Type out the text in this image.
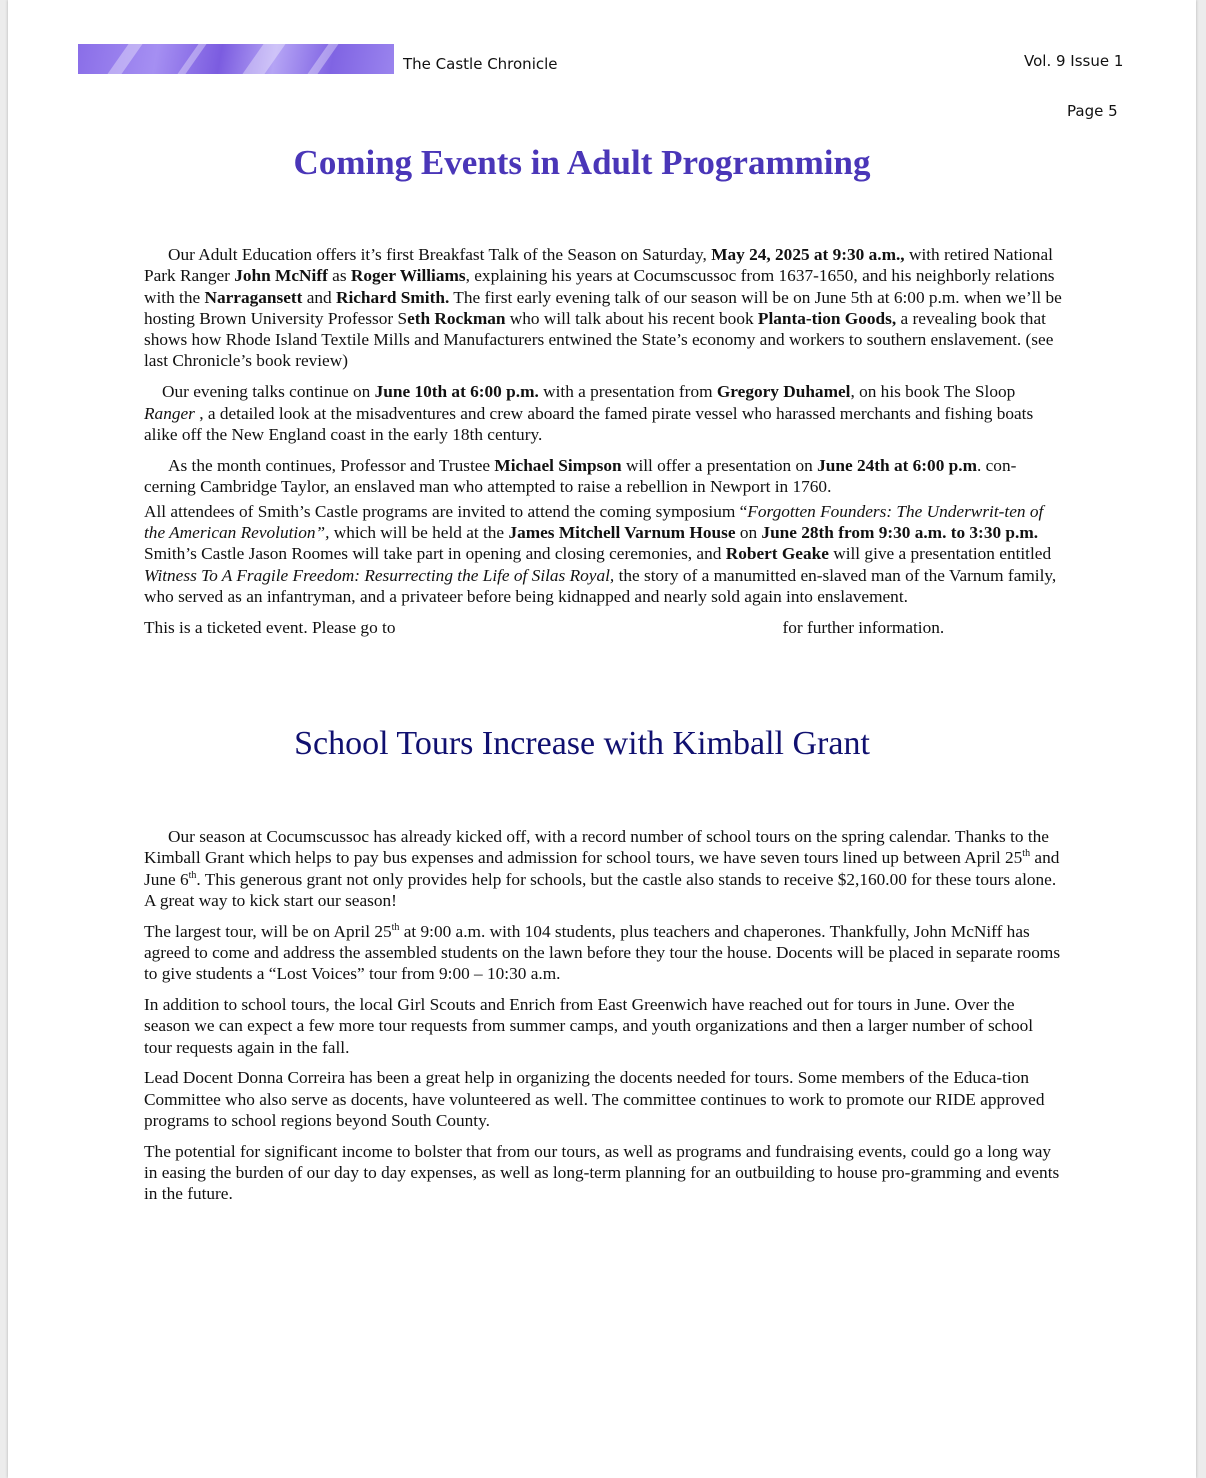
The Castle Chronicle	Vol. 9 Issue 1
Page 5
Coming Events in Adult Programming

Our Adult Education offers it’s first Breakfast Talk of the Season on Saturday, May 24, 2025 at 9:30 a.m., with retired National Park Ranger John McNiff as Roger Williams, explaining his years at Cocumscussoc from 1637-1650, and his neighborly relations with the Narragansett and Richard Smith. The first early evening talk of our season will be on June 5th at 6:00 p.m. when we’ll be hosting Brown University Professor Seth Rockman who will talk about his recent book Planta-tion Goods, a revealing book that shows how Rhode Island Textile Mills and Manufacturers entwined the State’s economy and workers to southern enslavement. (see last Chronicle’s book review)

Our evening talks continue on June 10th at 6:00 p.m. with a presentation from Gregory Duhamel, on his book The Sloop Ranger , a detailed look at the misadventures and crew aboard the famed pirate vessel who harassed merchants and fishing boats alike off the New England coast in the early 18th century.

As the month continues, Professor and Trustee Michael Simpson will offer a presentation on June 24th at 6:00 p.m. con-cerning Cambridge Taylor, an enslaved man who attempted to raise a rebellion in Newport in 1760.

All attendees of Smith’s Castle programs are invited to attend the coming symposium “Forgotten Founders: The Underwrit-ten of the American Revolution”, which will be held at the James Mitchell Varnum House on June 28th from 9:30 a.m. to 3:30 p.m. Smith’s Castle Jason Roomes will take part in opening and closing ceremonies, and Robert Geake will give a presentation entitled Witness To A Fragile Freedom: Resurrecting the Life of Silas Royal, the story of a manumitted en-slaved man of the Varnum family, who served as an infantryman, and a privateer before being kidnapped and nearly sold again into enslavement.

This is a ticketed event. Please go to	for further information.

School Tours Increase with Kimball Grant

Our season at Cocumscussoc has already kicked off, with a record number of school tours on the spring calendar. Thanks to the Kimball Grant which helps to pay bus expenses and admission for school tours, we have seven tours lined up between April 25th and June 6th. This generous grant not only provides help for schools, but the castle also stands to receive $2,160.00 for these tours alone. A great way to kick start our season!

The largest tour, will be on April 25th at 9:00 a.m. with 104 students, plus teachers and chaperones. Thankfully, John McNiff has agreed to come and address the assembled students on the lawn before they tour the house. Docents will be placed in separate rooms to give students a “Lost Voices” tour from 9:00 – 10:30 a.m.

In addition to school tours, the local Girl Scouts and Enrich from East Greenwich have reached out for tours in June. Over the season we can expect a few more tour requests from summer camps, and youth organizations and then a larger number of school tour requests again in the fall.

Lead Docent Donna Correira has been a great help in organizing the docents needed for tours. Some members of the Educa-tion Committee who also serve as docents, have volunteered as well. The committee continues to work to promote our RIDE approved programs to school regions beyond South County.

The potential for significant income to bolster that from our tours, as well as programs and fundraising events, could go a long way in easing the burden of our day to day expenses, as well as long-term planning for an outbuilding to house pro-gramming and events in the future.
